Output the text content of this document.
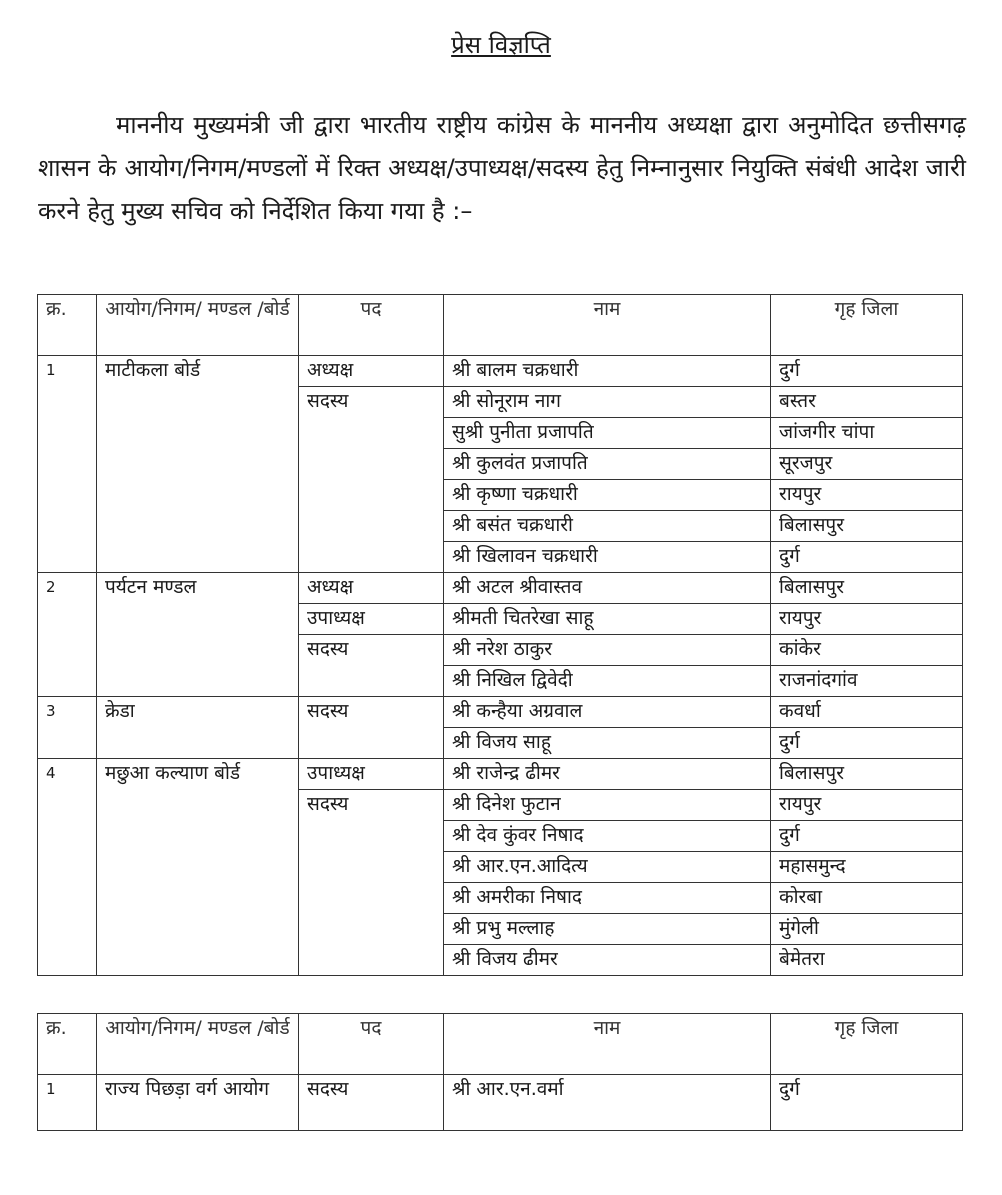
प्रेस विज्ञप्ति

माननीय मुख्यमंत्री जी द्वारा भारतीय राष्ट्रीय कांग्रेस के माननीय अध्यक्षा द्वारा अनुमोदित छत्तीसगढ़ शासन के आयोग/निगम/मण्डलों में रिक्त अध्यक्ष/उपाध्यक्ष/सदस्य हेतु निम्नानुसार नियुक्ति संबंधी आदेश जारी करने हेतु मुख्य सचिव को निर्देशित किया गया है :–

क्र.	आयोग/निगम/ मण्डल /बोर्ड	पद	नाम	गृह जिला
1	माटीकला बोर्ड	अध्यक्ष	श्री बालम चक्रधारी	दुर्ग
		सदस्य	श्री सोनूराम नाग	बस्तर
			सुश्री पुनीता प्रजापति	जांजगीर चांपा
			श्री कुलवंत प्रजापति	सूरजपुर
			श्री कृष्णा चक्रधारी	रायपुर
			श्री बसंत चक्रधारी	बिलासपुर
			श्री खिलावन चक्रधारी	दुर्ग
2	पर्यटन मण्डल	अध्यक्ष	श्री अटल श्रीवास्तव	बिलासपुर
		उपाध्यक्ष	श्रीमती चितरेखा साहू	रायपुर
		सदस्य	श्री नरेश ठाकुर	कांकेर
			श्री निखिल द्विवेदी	राजनांदगांव
3	क्रेडा	सदस्य	श्री कन्हैया अग्रवाल	कवर्धा
			श्री विजय साहू	दुर्ग
4	मछुआ कल्याण बोर्ड	उपाध्यक्ष	श्री राजेन्द्र ढीमर	बिलासपुर
		सदस्य	श्री दिनेश फुटान	रायपुर
			श्री देव कुंवर निषाद	दुर्ग
			श्री आर.एन.आदित्य	महासमुन्द
			श्री अमरीका निषाद	कोरबा
			श्री प्रभु मल्लाह	मुंगेली
			श्री विजय ढीमर	बेमेतरा
क्र.	आयोग/निगम/ मण्डल /बोर्ड	पद	नाम	गृह जिला
1	राज्य पिछड़ा वर्ग आयोग	सदस्य	श्री आर.एन.वर्मा	दुर्ग
